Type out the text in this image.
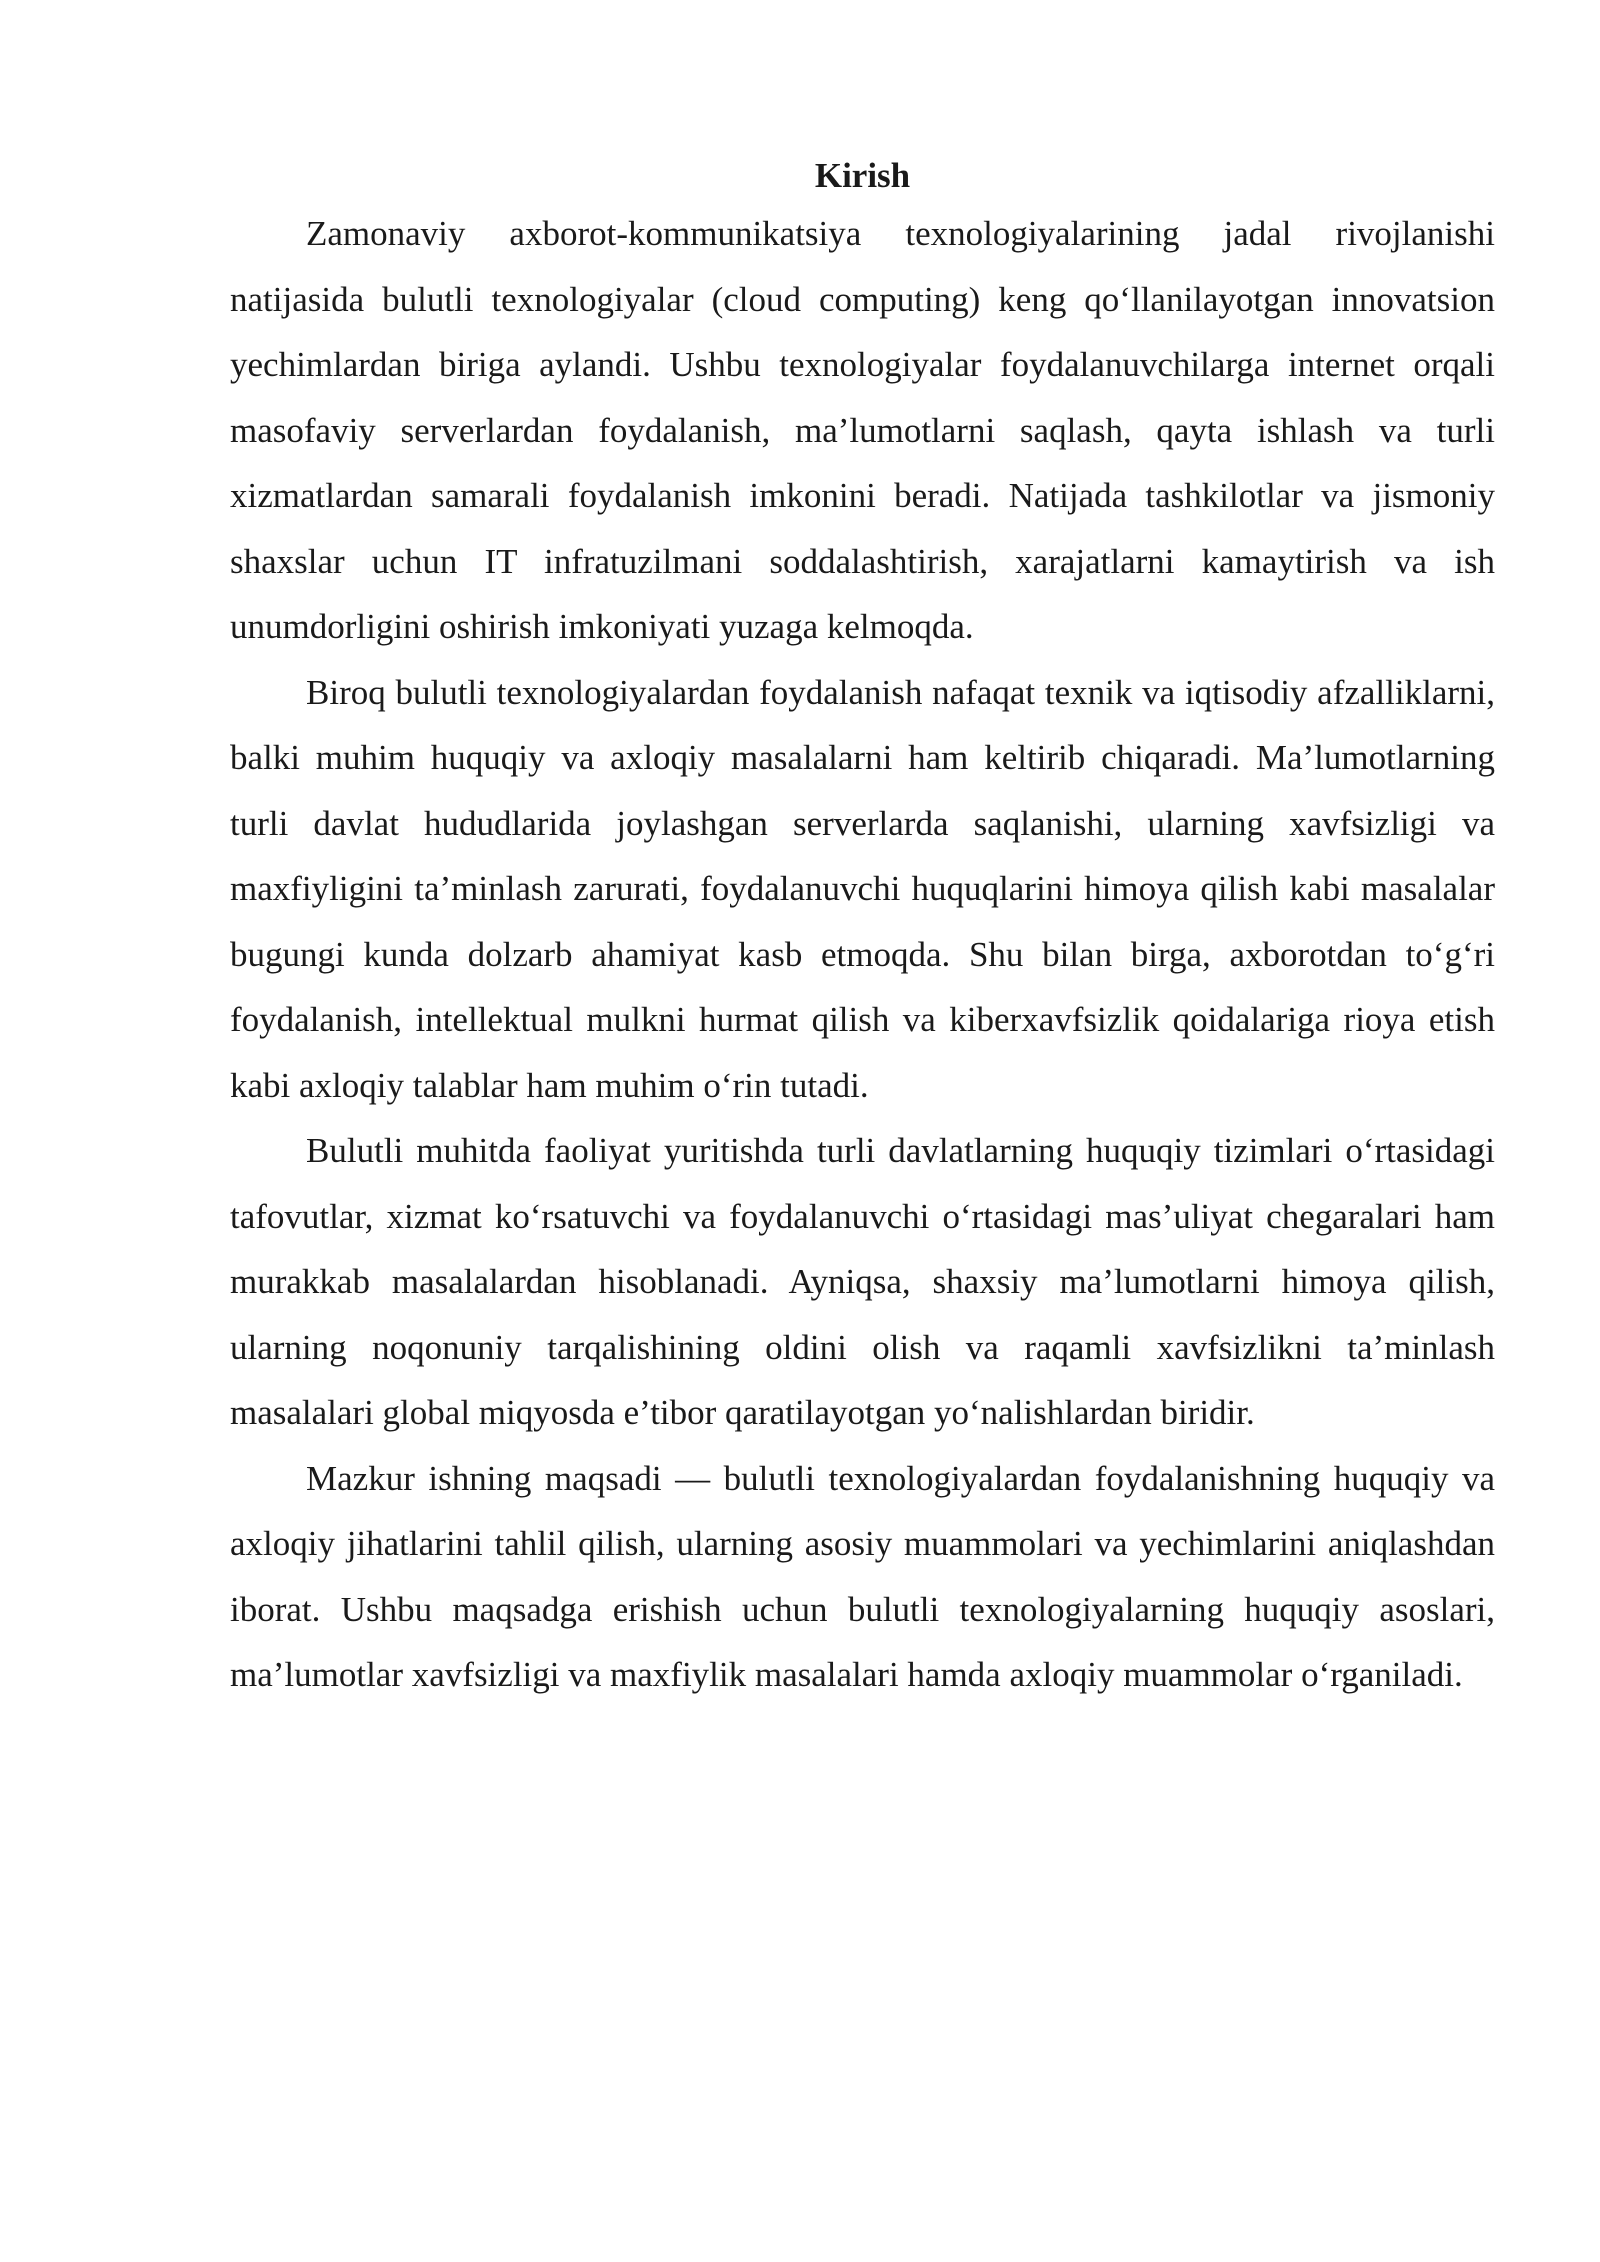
Kirish

Zamonaviy axborot-kommunikatsiya texnologiyalarining jadal rivojlanishi natijasida bulutli texnologiyalar (cloud computing) keng qo‘llanilayotgan innovatsion yechimlardan biriga aylandi. Ushbu texnologiyalar foydalanuvchilarga internet orqali masofaviy serverlardan foydalanish, ma’lumotlarni saqlash, qayta ishlash va turli xizmatlardan samarali foydalanish imkonini beradi. Natijada tashkilotlar va jismoniy shaxslar uchun IT infratuzilmani soddalashtirish, xarajatlarni kamaytirish va ish unumdorligini oshirish imkoniyati yuzaga kelmoqda.

Biroq bulutli texnologiyalardan foydalanish nafaqat texnik va iqtisodiy afzalliklarni, balki muhim huquqiy va axloqiy masalalarni ham keltirib chiqaradi. Ma’lumotlarning turli davlat hududlarida joylashgan serverlarda saqlanishi, ularning xavfsizligi va maxfiyligini ta’minlash zarurati, foydalanuvchi huquqlarini himoya qilish kabi masalalar bugungi kunda dolzarb ahamiyat kasb etmoqda. Shu bilan birga, axborotdan to‘g‘ri foydalanish, intellektual mulkni hurmat qilish va kiberxavfsizlik qoidalariga rioya etish kabi axloqiy talablar ham muhim o‘rin tutadi.

Bulutli muhitda faoliyat yuritishda turli davlatlarning huquqiy tizimlari o‘rtasidagi tafovutlar, xizmat ko‘rsatuvchi va foydalanuvchi o‘rtasidagi mas’uliyat chegaralari ham murakkab masalalardan hisoblanadi. Ayniqsa, shaxsiy ma’lumotlarni himoya qilish, ularning noqonuniy tarqalishining oldini olish va raqamli xavfsizlikni ta’minlash masalalari global miqyosda e’tibor qaratilayotgan yo‘nalishlardan biridir.

Mazkur ishning maqsadi — bulutli texnologiyalardan foydalanishning huquqiy va axloqiy jihatlarini tahlil qilish, ularning asosiy muammolari va yechimlarini aniqlashdan iborat. Ushbu maqsadga erishish uchun bulutli texnologiyalarning huquqiy asoslari, ma’lumotlar xavfsizligi va maxfiylik masalalari hamda axloqiy muammolar o‘rganiladi.
